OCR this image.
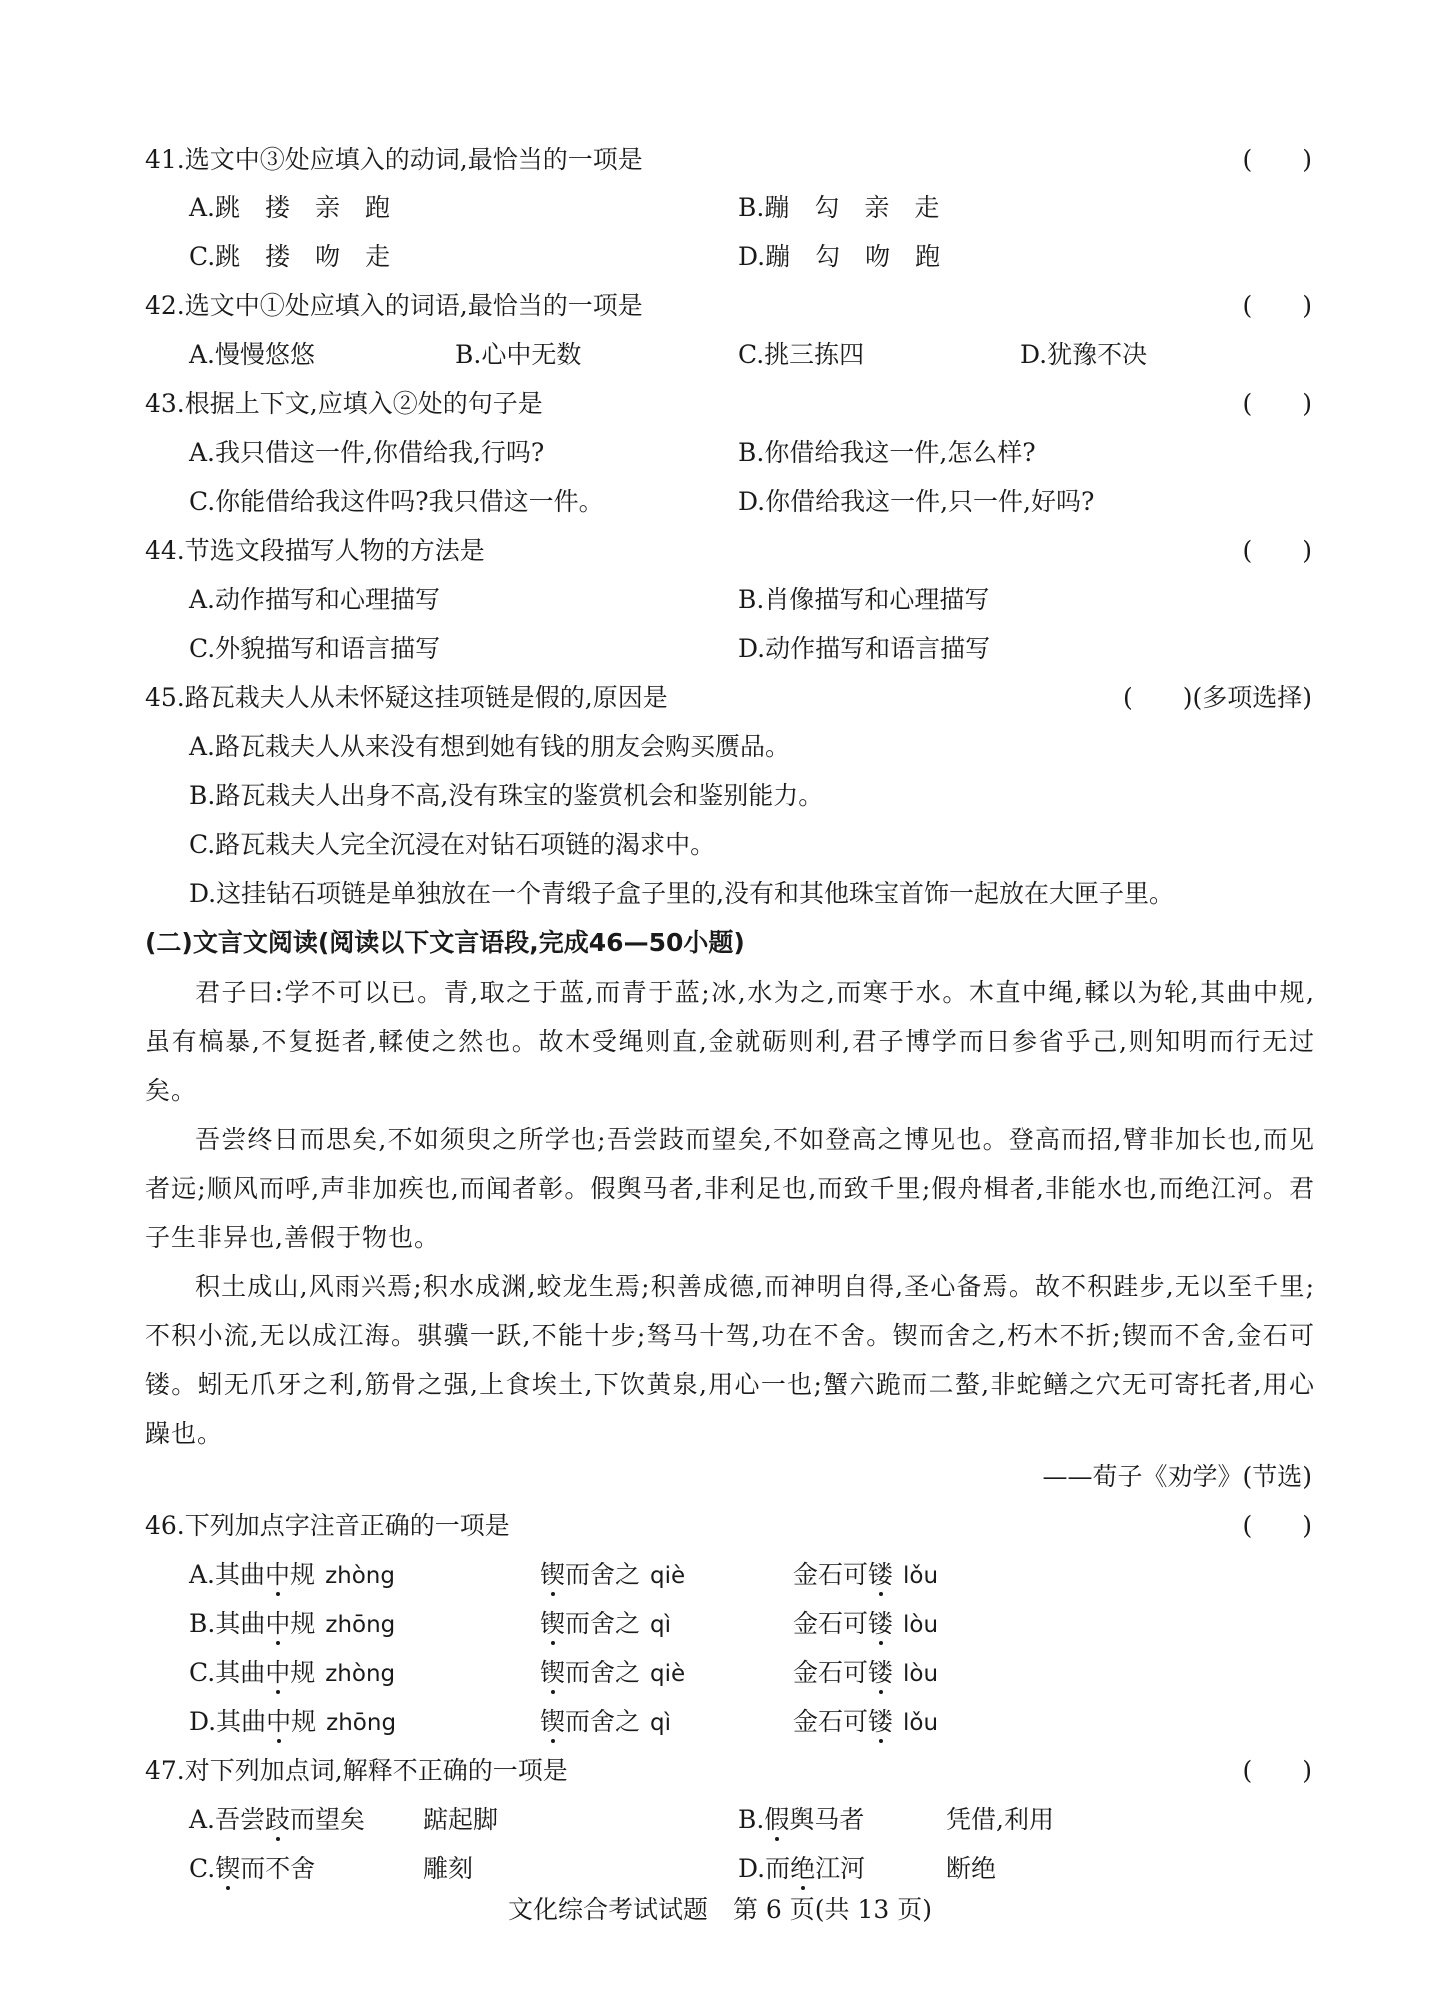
41.选文中③处应填入的动词,最恰当的一项是	(　　)
A.跳　搂　亲　跑	B.蹦　勾　亲　走
C.跳　搂　吻　走	D.蹦　勾　吻　跑
42.选文中①处应填入的词语,最恰当的一项是	(　　)
A.慢慢悠悠	B.心中无数	C.挑三拣四	D.犹豫不决
43.根据上下文,应填入②处的句子是	(　　)
A.我只借这一件,你借给我,行吗?	B.你借给我这一件,怎么样?
C.你能借给我这件吗?我只借这一件。	D.你借给我这一件,只一件,好吗?
44.节选文段描写人物的方法是	(　　)
A.动作描写和心理描写	B.肖像描写和心理描写
C.外貌描写和语言描写	D.动作描写和语言描写
45.路瓦栽夫人从未怀疑这挂项链是假的,原因是	(　　)(多项选择)
A.路瓦栽夫人从来没有想到她有钱的朋友会购买赝品。
B.路瓦栽夫人出身不高,没有珠宝的鉴赏机会和鉴别能力。
C.路瓦栽夫人完全沉浸在对钻石项链的渴求中。
D.这挂钻石项链是单独放在一个青缎子盒子里的,没有和其他珠宝首饰一起放在大匣子里。
(二)文言文阅读(阅读以下文言语段,完成46—50小题)
君子曰:学不可以已。青,取之于蓝,而青于蓝;冰,水为之,而寒于水。木直中绳,輮以为轮,其曲中规,虽有槁暴,不复挺者,輮使之然也。故木受绳则直,金就砺则利,君子博学而日参省乎己,则知明而行无过矣。
吾尝终日而思矣,不如须臾之所学也;吾尝跂而望矣,不如登高之博见也。登高而招,臂非加长也,而见者远;顺风而呼,声非加疾也,而闻者彰。假舆马者,非利足也,而致千里;假舟楫者,非能水也,而绝江河。君子生非异也,善假于物也。
积土成山,风雨兴焉;积水成渊,蛟龙生焉;积善成德,而神明自得,圣心备焉。故不积跬步,无以至千里;不积小流,无以成江海。骐骥一跃,不能十步;驽马十驾,功在不舍。锲而舍之,朽木不折;锲而不舍,金石可镂。蚓无爪牙之利,筋骨之强,上食埃土,下饮黄泉,用心一也;蟹六跪而二螯,非蛇鳝之穴无可寄托者,用心躁也。
——荀子《劝学》(节选)
46.下列加点字注音正确的一项是	(　　)
A.其曲中规 zhòng	锲而舍之 qiè	金石可镂 lǒu
B.其曲中规 zhōng	锲而舍之 qì	金石可镂 lòu
C.其曲中规 zhòng	锲而舍之 qiè	金石可镂 lòu
D.其曲中规 zhōng	锲而舍之 qì	金石可镂 lǒu
47.对下列加点词,解释不正确的一项是	(　　)
A.吾尝跂而望矣 踮起脚	B.假舆马者	凭借,利用
C.锲而不舍	雕刻	D.而绝江河	断绝
文化综合考试试题　第 6 页(共 13 页)
